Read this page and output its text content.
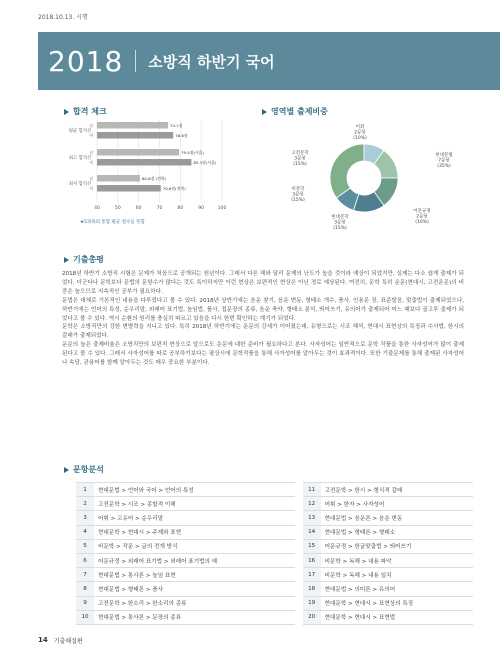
2018.10.13. 시행
2018 소방직 하반기 국어
합격 체크	영역별 출제비중
40	50	60	70	80	90	100
평균 합격선
남	74.1점
여	76.6점
최고 합격선
남	79.4점(서울)
여	85.3점(서울)
최저 합격선
남	60.6점 (전북)
여	70.6점(전북)
★5과목의 통합 평균 점수를 뜻함
어휘
2문항
(10%)
고전문학
3문항
(15%)
현대문법
7문항
(35%)
비문학
3문항
(15%)
어문규정
2문항
(10%)
현대문학
3문항
(15%)
기출총평

2018년 하반기 소방직 시험은 문제가 처음으로 공개되는 원년이다. 그래서 다른 해와 달리 문제의 난도가 높을 것이라 예상이 되었지만, 실제는 다소 쉽게 출제가 되었다. 더군다나 문학보다 문법의 문항수가 많다는 것도 특이하지만 이런 현상은 보편적인 현상은 아닌 경로 예상된다. 여전히, 문학 특히 운문(현대시, 고전운문)의 비중은 높으므로 지속적인 공부가 필요하다.

문법은 대체로 기본적인 내용을 다루었다고 볼 수 있다. 2018년 상반기에는 음운 찾기, 음운 변동, 형태소 개수, 품사, 인용문 장, 표준발음, 맞춤법이 출제되었으나, 하반기에는 언어의 특성, 순우리말, 외래어 표기법, 높임법, 품사, 접문장의 종류, 음운 축약, 형태소 분석, 띄어쓰기, 유의어가 출제되어 어느 때보다 골고루 출제가 되었다고 볼 수 있다. 역시 순환의 원리를 충실히 따르고 있음을 다시 한번 확인하는 계기가 되었다.

문학은 소방직만의 강한 변별력을 지니고 있다. 특히 2018년 하반기에는 운문의 강세가 이어졌는데, 유형으로는 시조 해석, 현대시 표현상의 특징과 수사법, 한시의 갈래가 출제되었다.

운문의 높은 출제비율은 소방직만의 보편적 현상으로 앞으로도 운문에 대한 준비가 필요하다고 본다. 사자성어는 일반적으로 문학 작품을 통한 사자성어가 많이 출제된다고 볼 수 있다. 그래서 사자성어를 따로 공부하기보다는 평상시에 문학작품을 통해 사자성어를 알아두는 것이 효과적이다. 또한 기출문제를 통해 출제된 사자성어나 속담, 관용어를 함께 알아두는 것도 매우 중요한 부분이다.

문항분석
1	현대문법 > 언어와 국어 > 언어의 특성		11	고전문학 > 한시 > 형식적 갈래
2	고전문학 > 시조 > 종합적 이해		12	어휘 > 한자 > 사자성어
3	어휘 > 고유어 > 순우리말		13	현대문법 > 음운론 > 음운 변동
4	현대문학 > 현대시 > 주제와 표현		14	현대문법 > 형태론 > 형태소
5	비문학 > 작문 > 글의 전개 방식		15	어문규정 > 한글맞춤법 > 띄어쓰기
6	어문규정 > 외래어 표기법 > 외래어 표기법의 예		16	비문학 > 독해 > 내용 파악
7	현대문법 > 통사론 > 높임 표현		17	비문학 > 독해 > 내용 일치
8	현대문법 > 형태론 > 품사		18	현대문법 > 의미론 > 유의어
9	고전문학 > 한소리 > 한소리의 종류		19	현대문학 > 현대시 > 표현상의 특징
10	현대문법 > 통사론 > 문장의 종류		20	현대문학 > 현대시 > 표현법
14 기출해설편
